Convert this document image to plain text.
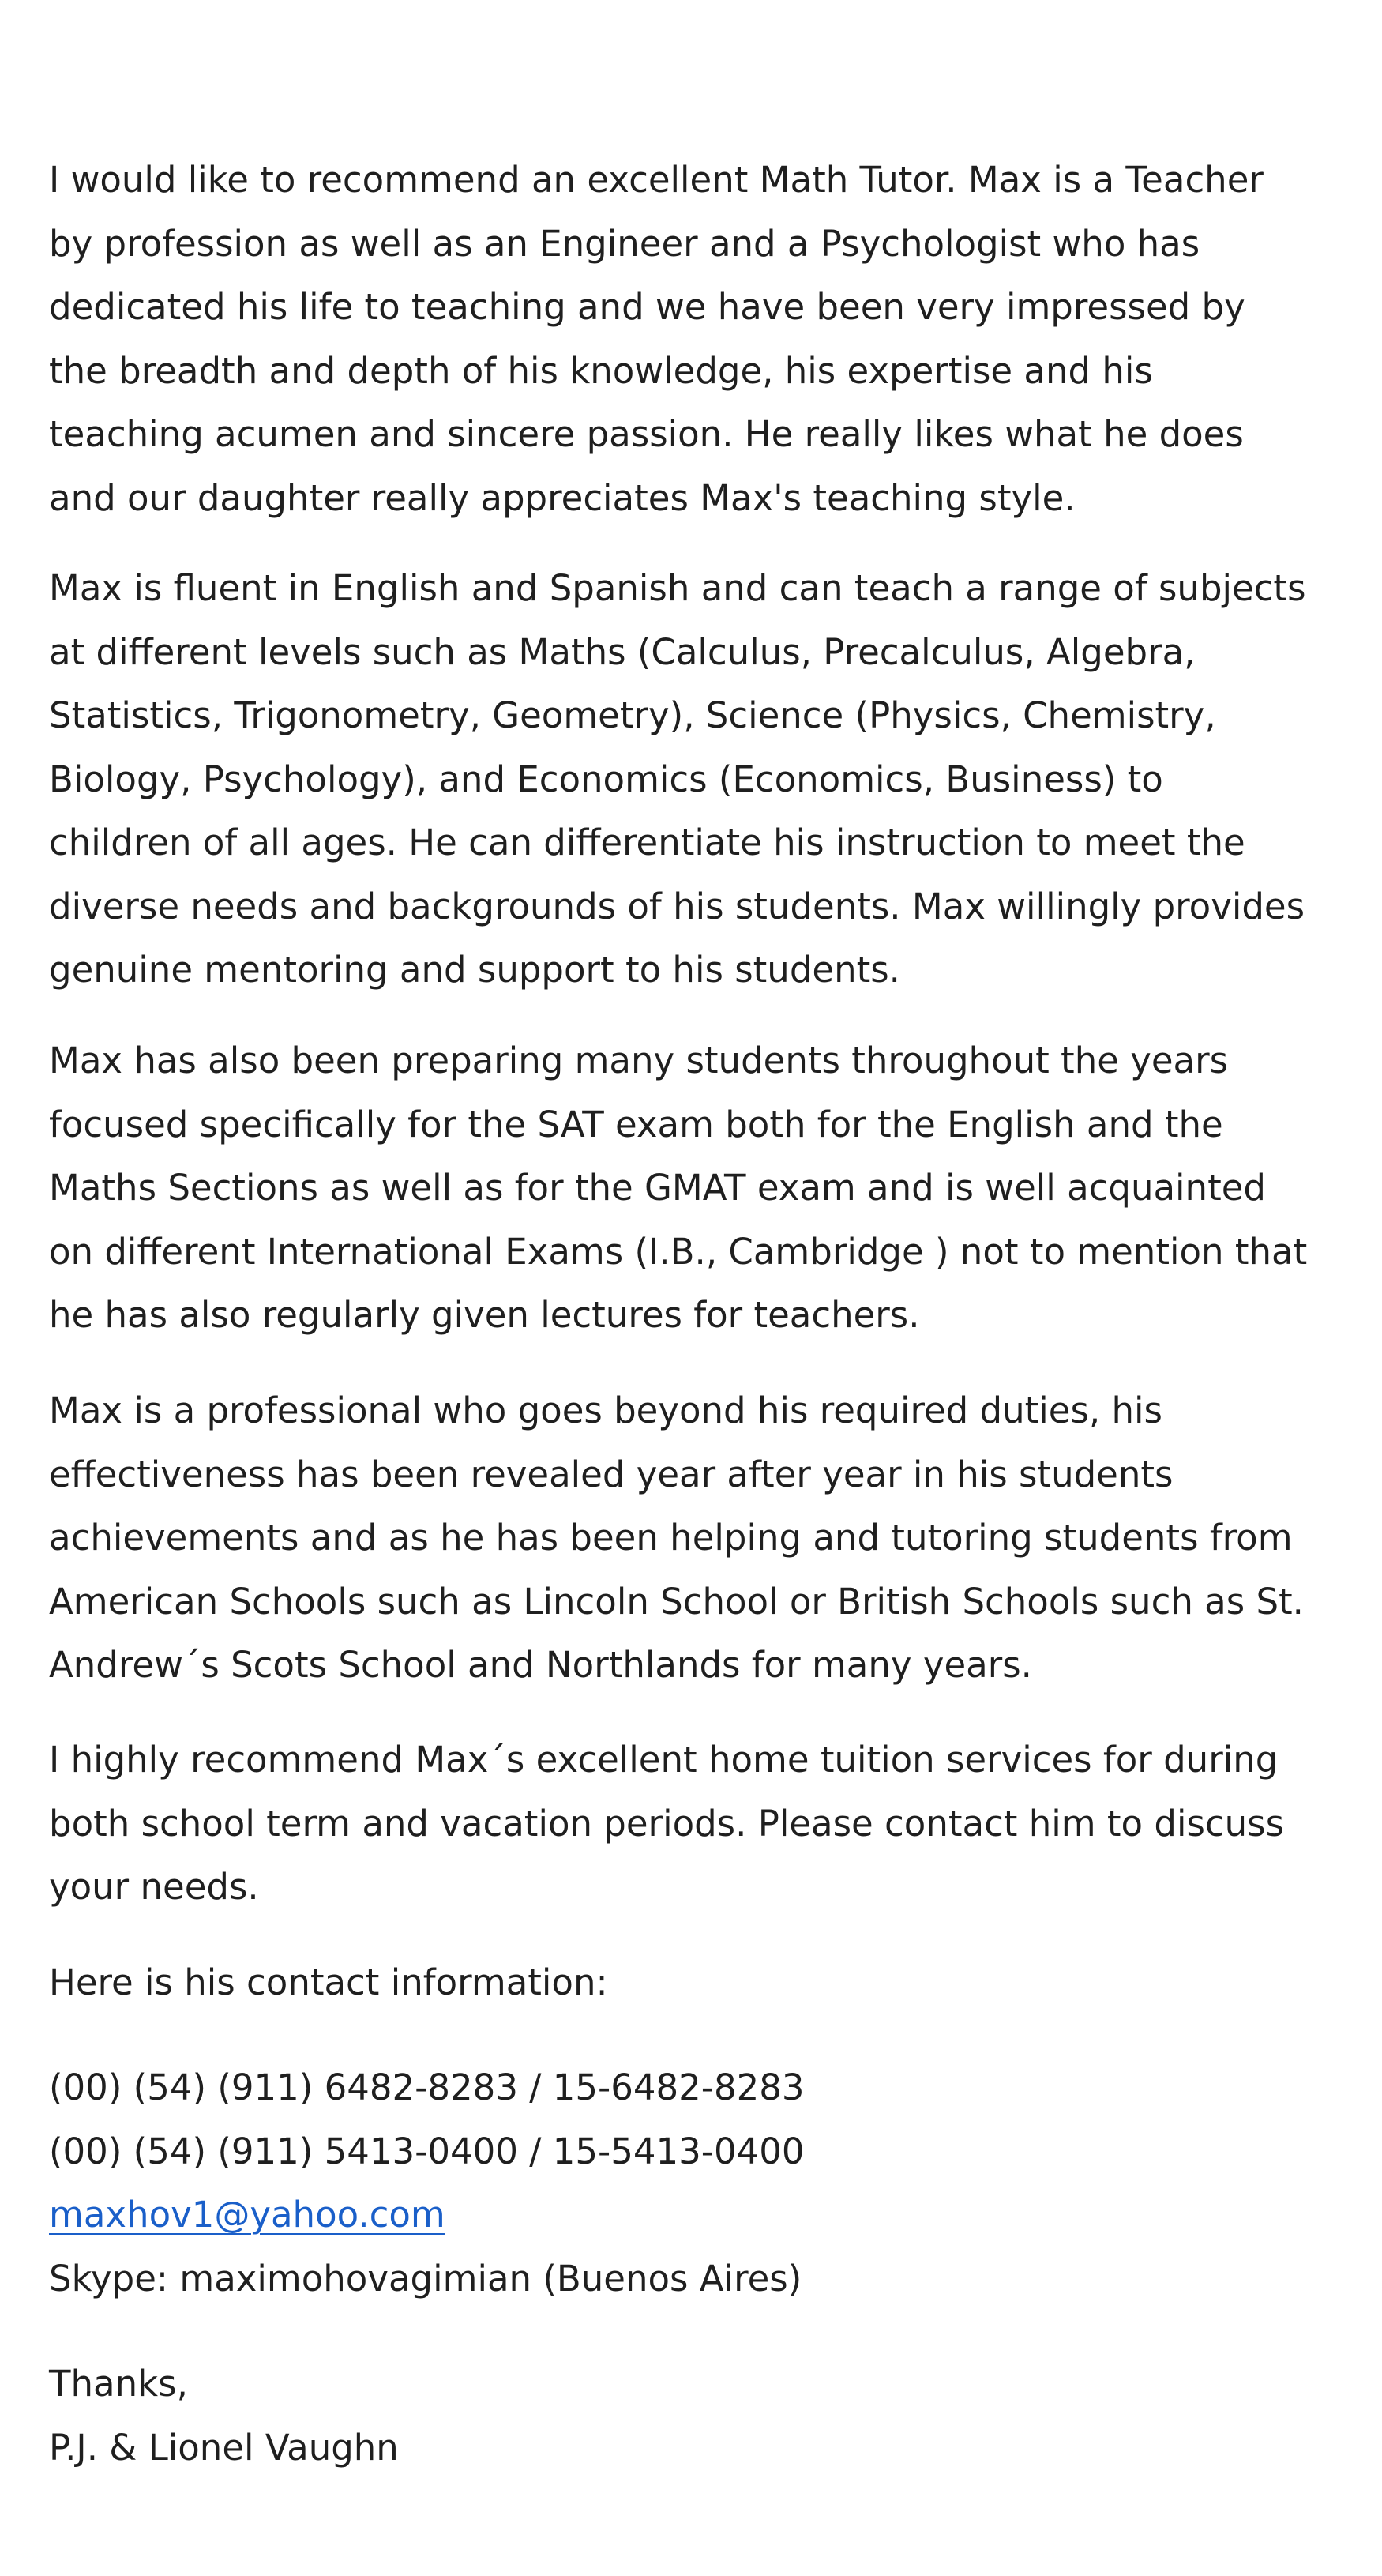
I would like to recommend an excellent Math Tutor. Max is a Teacher by profession as well as an Engineer and a Psychologist who has dedicated his life to teaching and we have been very impressed by the breadth and depth of his knowledge, his expertise and his teaching acumen and sincere passion. He really likes what he does and our daughter really appreciates Max's teaching style.

Max is fluent in English and Spanish and can teach a range of subjects at different levels such as Maths (Calculus, Precalculus, Algebra, Statistics, Trigonometry, Geometry), Science (Physics, Chemistry, Biology, Psychology), and Economics (Economics, Business) to children of all ages. He can differentiate his instruction to meet the diverse needs and backgrounds of his students. Max willingly provides genuine mentoring and support to his students.

Max has also been preparing many students throughout the years focused specifically for the SAT exam both for the English and the Maths Sections as well as for the GMAT exam and is well acquainted on different International Exams (I.B., Cambridge ) not to mention that he has also regularly given lectures for teachers.

Max is a professional who goes beyond his required duties, his effectiveness has been revealed year after year in his students achievements and as he has been helping and tutoring students from American Schools such as Lincoln School or British Schools such as St. Andrew´s Scots School and Northlands for many years.

I highly recommend Max´s excellent home tuition services for during both school term and vacation periods. Please contact him to discuss your needs.

Here is his contact information:

(00) (54) (911) 6482-8283 / 15-6482-8283
(00) (54) (911) 5413-0400 / 15-5413-0400
maxhov1@yahoo.com
Skype: maximohovagimian (Buenos Aires)
Thanks,
P.J. & Lionel Vaughn
